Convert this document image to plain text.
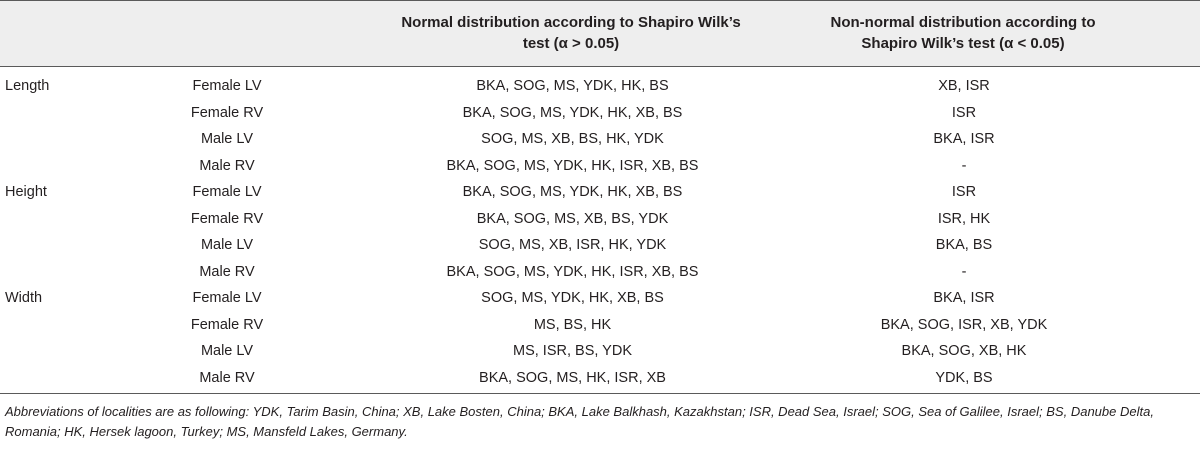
Normal distribution according to Shapiro Wilk’s test (α > 0.05)
Non-normal distribution according to Shapiro Wilk’s test (α < 0.05)
Length	Female LV	BKA, SOG, MS, YDK, HK, BS	XB, ISR
Female RV	BKA, SOG, MS, YDK, HK, XB, BS	ISR
Male LV	SOG, MS, XB, BS, HK, YDK	BKA, ISR
Male RV	BKA, SOG, MS, YDK, HK, ISR, XB, BS	-
Height	Female LV	BKA, SOG, MS, YDK, HK, XB, BS	ISR
Female RV	BKA, SOG, MS, XB, BS, YDK	ISR, HK
Male LV	SOG, MS, XB, ISR, HK, YDK	BKA, BS
Male RV	BKA, SOG, MS, YDK, HK, ISR, XB, BS	-
Width	Female LV	SOG, MS, YDK, HK, XB, BS	BKA, ISR
Female RV	MS, BS, HK	BKA, SOG, ISR, XB, YDK
Male LV	MS, ISR, BS, YDK	BKA, SOG, XB, HK
Male RV	BKA, SOG, MS, HK, ISR, XB	YDK, BS
Abbreviations of localities are as following: YDK, Tarim Basin, China; XB, Lake Bosten, China; BKA, Lake Balkhash, Kazakhstan; ISR, Dead Sea, Israel; SOG, Sea of Galilee, Israel; BS, Danube Delta, Romania; HK, Hersek lagoon, Turkey; MS, Mansfeld Lakes, Germany.
